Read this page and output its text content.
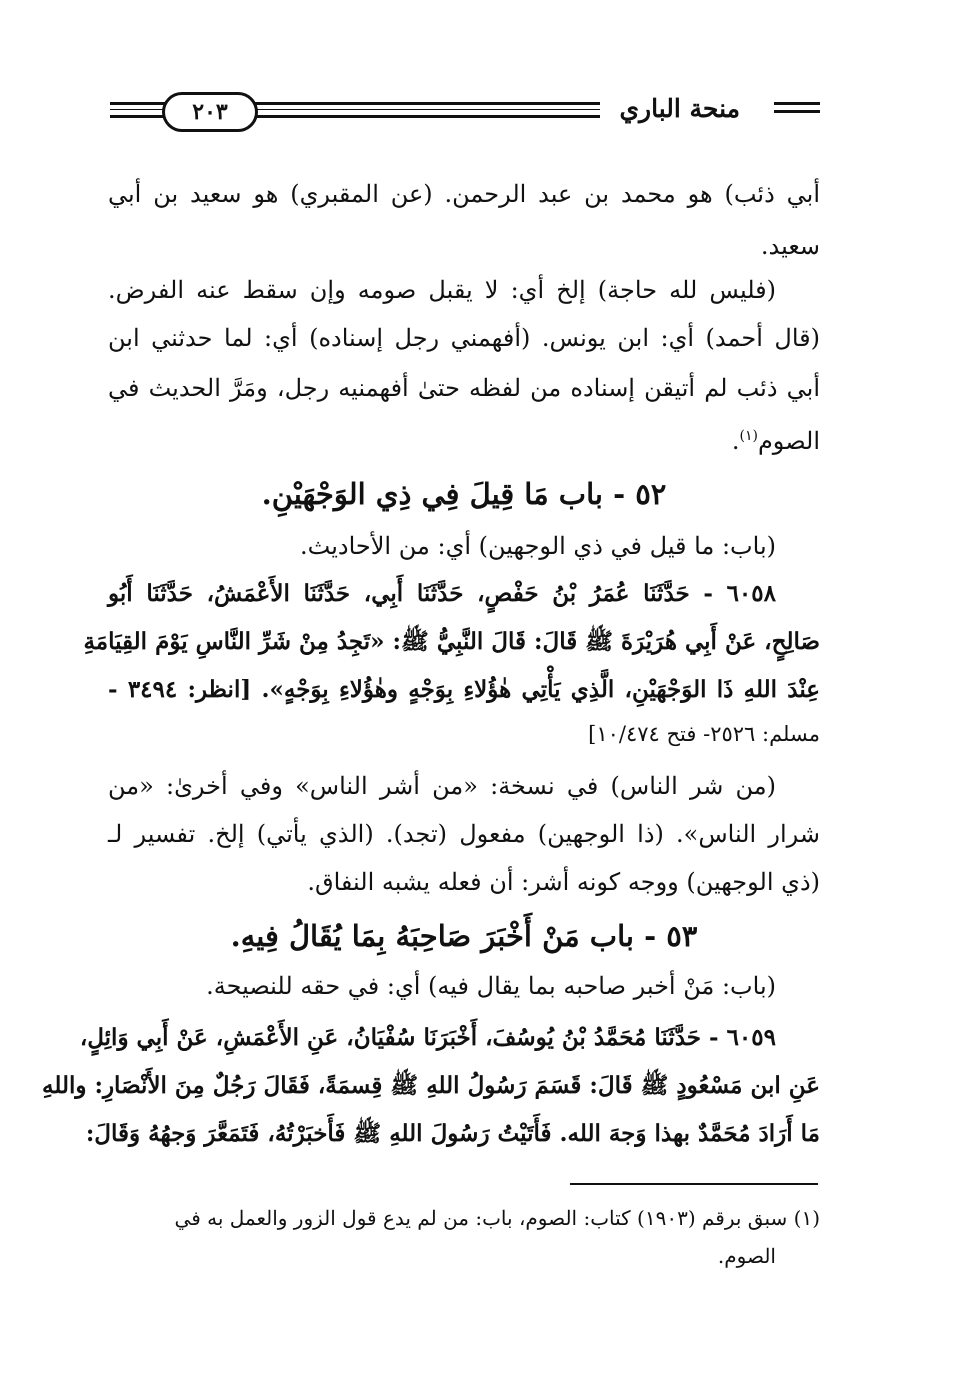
٢٠٣	منحة الباري
أبي ذئب) هو محمد بن عبد الرحمن. (عن المقبري) هو سعيد بن أبي
سعيد.
(فليس لله حاجة) إلخ أي: لا يقبل صومه وإن سقط عنه الفرض.
(قال أحمد) أي: ابن يونس. (أفهمني رجل إسناده) أي: لما حدثني ابن
أبي ذئب لم أتيقن إسناده من لفظه حتىٰ أفهمنيه رجل، ومَرَّ الحديث في
الصوم$^{(١)}$.
٥٢ - باب مَا قِيلَ فِي ذِي الوَجْهَيْنِ.
(باب: ما قيل في ذي الوجهين) أي: من الأحاديث.
٦٠٥٨ - حَدَّثَنَا عُمَرُ بْنُ حَفْصٍ، حَدَّثَنَا أَبِي، حَدَّثَنَا الأَعْمَشُ، حَدَّثَنَا أَبُو
صَالِحٍ، عَنْ أَبِي هُرَيْرَةَ ﷺ قَالَ: قَالَ النَّبِيُّ ﷺ: «تَجِدُ مِنْ شَرِّ النَّاسِ يَوْمَ القِيَامَةِ
عِنْدَ اللهِ ذَا الوَجْهَيْنِ، الَّذِي يَأْتِي هٰؤُلاءِ بِوَجْهٍ وهٰؤُلاءِ بِوَجْهٍ». [انظر: ٣٤٩٤ -
مسلم: ٢٥٢٦- فتح ١٠/٤٧٤]
(من شر الناس) في نسخة: «من أشر الناس» وفي أخرىٰ: «من
شرار الناس». (ذا الوجهين) مفعول (تجد). (الذي يأتي) إلخ. تفسير لـ
(ذي الوجهين) ووجه كونه أشر: أن فعله يشبه النفاق.
٥٣ - باب مَنْ أَخْبَرَ صَاحِبَهُ بِمَا يُقَالُ فِيهِ.
(باب: مَنْ أخبر صاحبه بما يقال فيه) أي: في حقه للنصيحة.
٦٠٥٩ - حَدَّثَنَا مُحَمَّدُ بْنُ يُوسُفَ، أَخْبَرَنَا سُفْيَانُ، عَنِ الأَعْمَشِ، عَنْ أَبِي وَائِلٍ،
عَنِ ابن مَسْعُودٍ ﷺ قَالَ: قَسَمَ رَسُولُ اللهِ ﷺ قِسمَةً، فَقَالَ رَجُلٌ مِنَ الأَنْصَارِ: واللهِ
مَا أَرَادَ مُحَمَّدٌ بهذا وَجهَ الله. فَأَتَيْتُ رَسُولَ اللهِ ﷺ فَأَخبَرْتُهُ، فَتَمَعَّرَ وَجهُهُ وَقَالَ:
(١) سبق برقم (١٩٠٣) كتاب: الصوم، باب: من لم يدع قول الزور والعمل به في
الصوم.
